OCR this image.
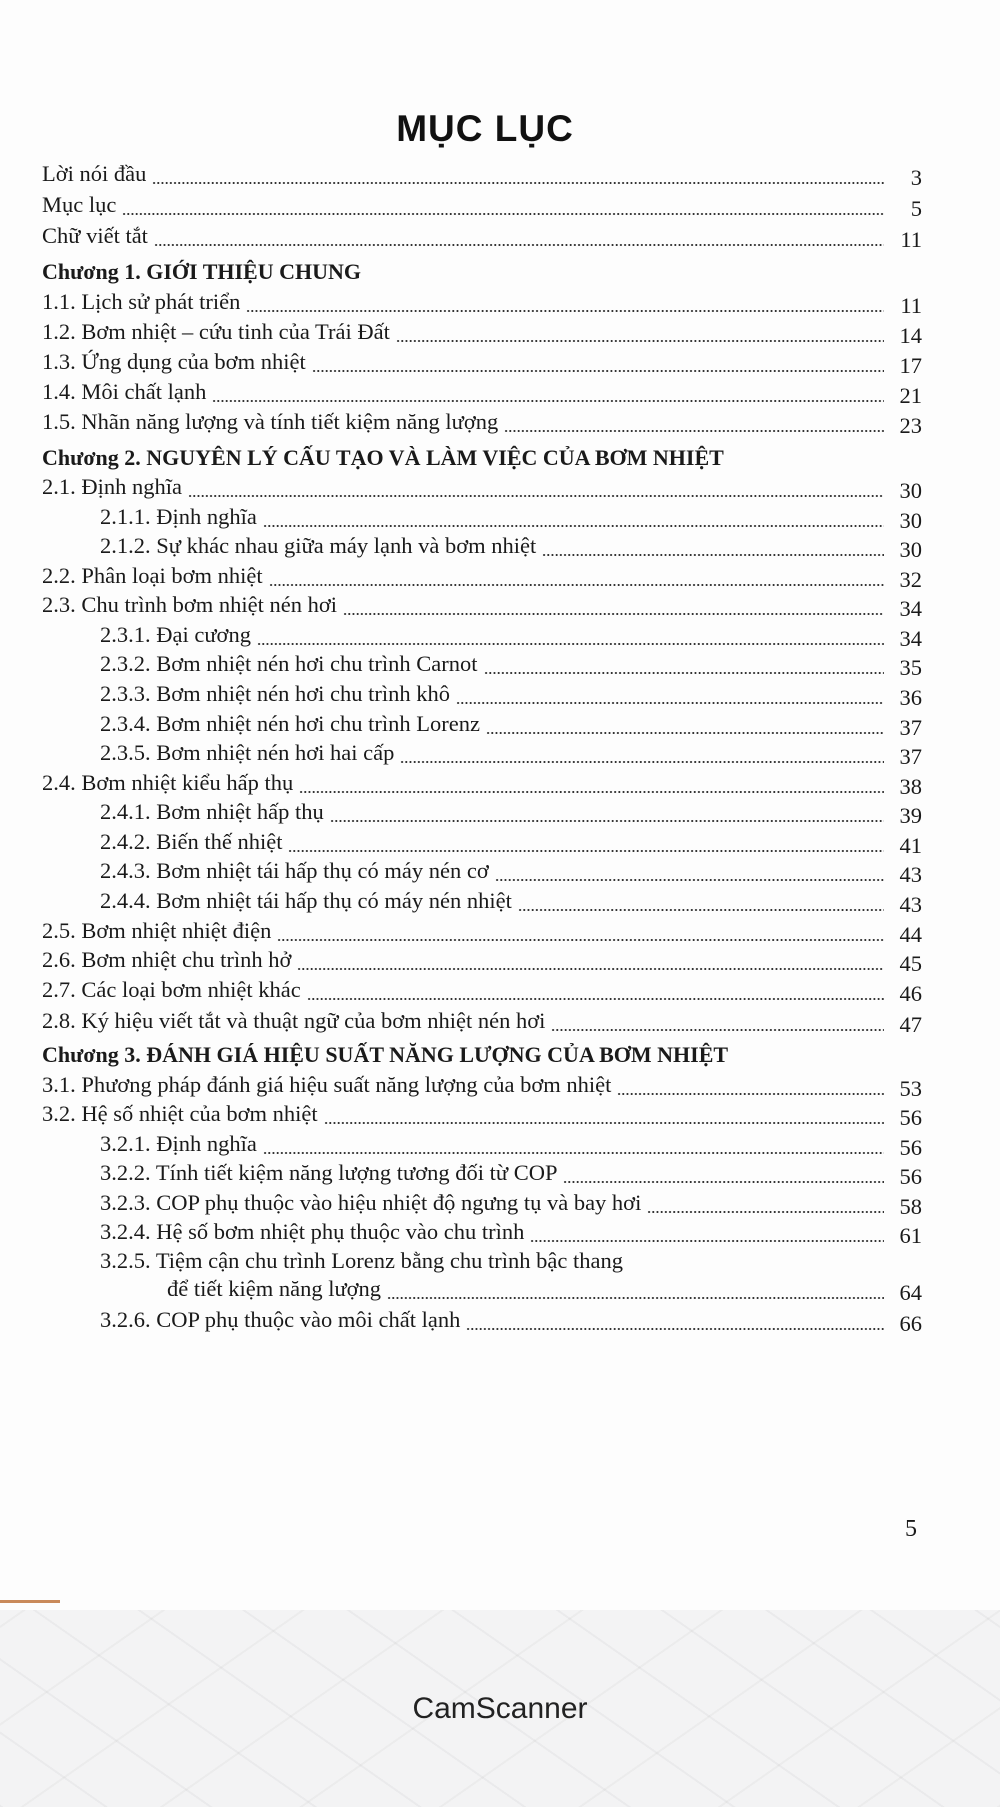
MỤC LỤC
Lời nói đầu	3
Mục lục	5
Chữ viết tắt	11
Chương 1. GIỚI THIỆU CHUNG
1.1. Lịch sử phát triển	11
1.2. Bơm nhiệt – cứu tinh của Trái Đất	14
1.3. Ứng dụng của bơm nhiệt	17
1.4. Môi chất lạnh	21
1.5. Nhãn năng lượng và tính tiết kiệm năng lượng	23
Chương 2. NGUYÊN LÝ CẤU TẠO VÀ LÀM VIỆC CỦA BƠM NHIỆT
2.1. Định nghĩa	30
2.1.1. Định nghĩa	30
2.1.2. Sự khác nhau giữa máy lạnh và bơm nhiệt	30
2.2. Phân loại bơm nhiệt	32
2.3. Chu trình bơm nhiệt nén hơi	34
2.3.1. Đại cương	34
2.3.2. Bơm nhiệt nén hơi chu trình Carnot	35
2.3.3. Bơm nhiệt nén hơi chu trình khô	36
2.3.4. Bơm nhiệt nén hơi chu trình Lorenz	37
2.3.5. Bơm nhiệt nén hơi hai cấp	37
2.4. Bơm nhiệt kiểu hấp thụ	38
2.4.1. Bơm nhiệt hấp thụ	39
2.4.2. Biến thế nhiệt	41
2.4.3. Bơm nhiệt tái hấp thụ có máy nén cơ	43
2.4.4. Bơm nhiệt tái hấp thụ có máy nén nhiệt	43
2.5. Bơm nhiệt nhiệt điện	44
2.6. Bơm nhiệt chu trình hở	45
2.7. Các loại bơm nhiệt khác	46
2.8. Ký hiệu viết tắt và thuật ngữ của bơm nhiệt nén hơi	47
Chương 3. ĐÁNH GIÁ HIỆU SUẤT NĂNG LƯỢNG CỦA BƠM NHIỆT
3.1. Phương pháp đánh giá hiệu suất năng lượng của bơm nhiệt	53
3.2. Hệ số nhiệt của bơm nhiệt	56
3.2.1. Định nghĩa	56
3.2.2. Tính tiết kiệm năng lượng tương đối từ COP	56
3.2.3. COP phụ thuộc vào hiệu nhiệt độ ngưng tụ và bay hơi	58
3.2.4. Hệ số bơm nhiệt phụ thuộc vào chu trình	61
3.2.5. Tiệm cận chu trình Lorenz bằng chu trình bậc thang
để tiết kiệm năng lượng	64
3.2.6. COP phụ thuộc vào môi chất lạnh	66
5
CamScanner
